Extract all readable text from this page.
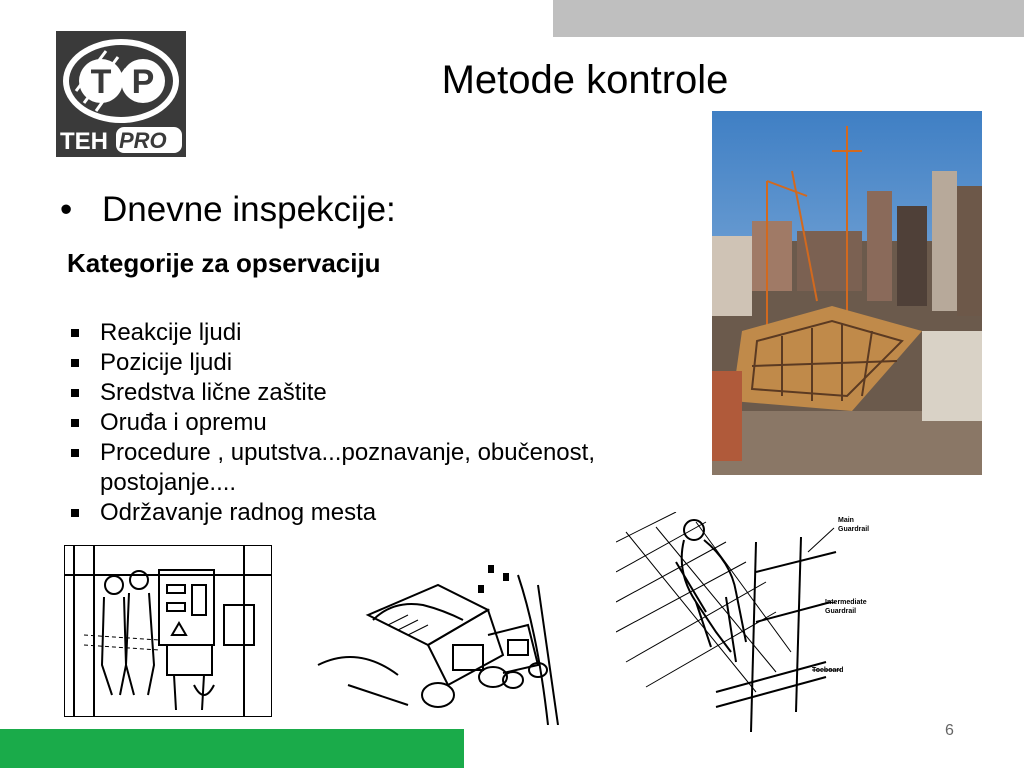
T P
TEH PRO
Metode kontrole
• Dnevne inspekcije:
Kategorije za opservaciju
Reakcije ljudi
Pozicije ljudi
Sredstva lične zaštite
Oruđa i opremu
Procedure , uputstva...poznavanje, obučenost, postojanje....
Održavanje radnog mesta	Main
Guardrail
Intermediate
Guardrail
Toeboard
6
